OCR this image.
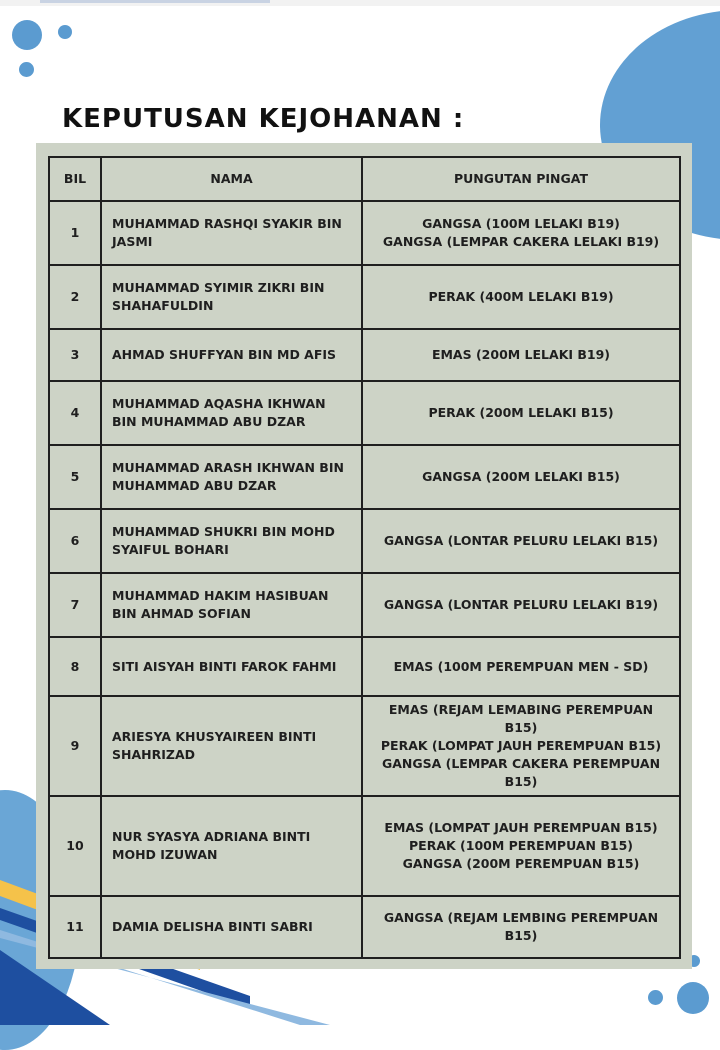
KEPUTUSAN KEJOHANAN :
BIL	NAMA	PUNGUTAN PINGAT
1	MUHAMMAD RASHQI SYAKIR BIN JASMI	GANGSA (100M LELAKI B19)
GANGSA (LEMPAR CAKERA LELAKI B19)

2	MUHAMMAD SYIMIR ZIKRI BIN SHAHAFULDIN	PERAK (400M LELAKI B19)

3	AHMAD SHUFFYAN BIN MD AFIS	EMAS (200M LELAKI B19)

4	MUHAMMAD AQASHA IKHWAN BIN MUHAMMAD ABU DZAR	PERAK (200M LELAKI B15)

5	MUHAMMAD ARASH IKHWAN BIN MUHAMMAD ABU DZAR	GANGSA (200M LELAKI B15)

6	MUHAMMAD SHUKRI BIN MOHD SYAIFUL BOHARI	GANGSA (LONTAR PELURU LELAKI B15)

7	MUHAMMAD HAKIM HASIBUAN BIN AHMAD SOFIAN	GANGSA (LONTAR PELURU LELAKI B19)

8	SITI AISYAH BINTI FAROK FAHMI	EMAS (100M PEREMPUAN MEN - SD)

9	ARIESYA KHUSYAIREEN BINTI SHAHRIZAD	EMAS (REJAM LEMABING PEREMPUAN B15)
PERAK (LOMPAT JAUH PEREMPUAN B15)
GANGSA (LEMPAR CAKERA PEREMPUAN B15)

10	NUR SYASYA ADRIANA BINTI MOHD IZUWAN	EMAS (LOMPAT JAUH PEREMPUAN B15)
PERAK (100M PEREMPUAN B15)
GANGSA (200M PEREMPUAN B15)

11	DAMIA DELISHA BINTI SABRI	GANGSA (REJAM LEMBING PEREMPUAN B15)
